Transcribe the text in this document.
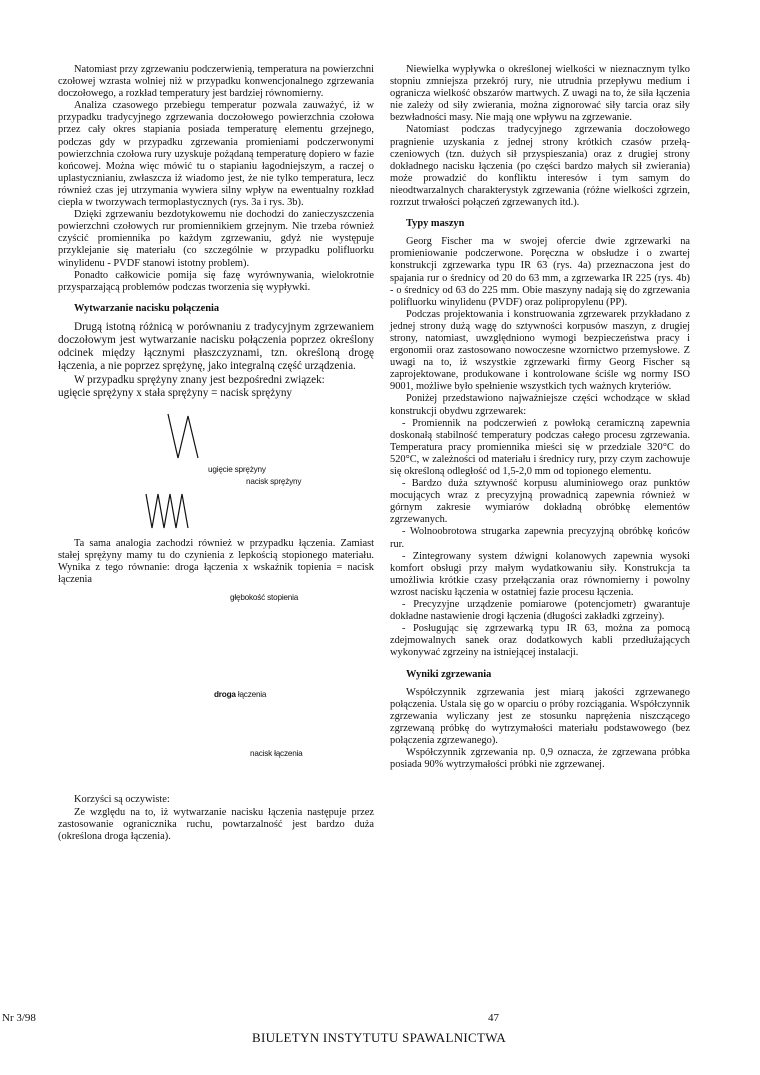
Natomiast przy zgrzewaniu podczerwienią, temperatura na powierzchni czołowej wzrasta wolniej niż w przypadku konwencjonalnego zgrzewania doczołowego, a rozkład temperatury jest bardziej równomierny.

Analiza czasowego przebiegu temperatur pozwala zauważyć, iż w przypadku tradycyjnego zgrzewania doczołowego powierzchnia czołowa przez cały okres stapiania posiada temperaturę elementu grzejnego, podczas gdy w przypadku zgrzewania promieniami podczerwonymi powierzchnia czołowa rury uzyskuje pożądaną temperaturę dopiero w fazie końcowej. Można więc mówić tu o stapianiu łagodniejszym, a raczej o uplastycznianiu, zwłaszcza iż wiadomo jest, że nie tylko temperatura, lecz również czas jej utrzymania wywiera silny wpływ na ewentualny rozkład ciepła w tworzywach termoplastycznych (rys. 3a i rys. 3b).

Dzięki zgrzewaniu bezdotykowemu nie dochodzi do zanieczyszczenia powierzchni czołowych rur promiennikiem grzejnym. Nie trzeba również czyścić promiennika po każdym zgrzewaniu, gdyż nie występuje przyklejanie się materiału (co szczególnie w przypadku polifluorku winylidenu - PVDF stanowi istotny problem).

Ponadto całkowicie pomija się fazę wyrównywania, wielokrotnie przysparzającą problemów podczas tworzenia się wypływki.

Wytwarzanie nacisku połączenia

Drugą istotną różnicą w porównaniu z tradycyjnym zgrzewaniem doczołowym jest wytwarzanie nacisku połączenia poprzez określony odcinek między łącznymi płaszczyznami, tzn. określoną drogę łączenia, a nie poprzez sprężynę, jako integralną część urządzenia.

W przypadku sprężyny znany jest bezpośredni związek:

ugięcie sprężyny x stała sprężyny = nacisk sprężyny

ugięcie sprężyny
nacisk sprężyny

Ta sama analogia zachodzi również w przypadku łączenia. Zamiast stałej sprężyny mamy tu do czynienia z lepkością stopionego materiału. Wynika z tego równanie: droga łączenia x wskaźnik topienia = nacisk łączenia

głębokość stopienia
droga łączenia
nacisk łączenia

Korzyści są oczywiste:

Ze względu na to, iż wytwarzanie nacisku łączenia następuje przez zastosowanie ogranicznika ruchu, powtarzalność jest bardzo duża (określona droga łączenia).

Niewielka wypływka o określonej wielkości w nieznacznym tylko stopniu zmniejsza przekrój rury, nie utrudnia przepływu medium i ogranicza wielkość obszarów martwych. Z uwagi na to, że siła łączenia nie zależy od siły zwierania, można zignorować siły tarcia oraz siły bezwładności masy. Nie mają one wpływu na zgrzewanie.

Natomiast podczas tradycyjnego zgrzewania doczołowego pragnienie uzyskania z jednej strony krótkich czasów przełą-czeniowych (tzn. dużych sił przyspieszania) oraz z drugiej strony dokładnego nacisku łączenia (po części bardzo małych sił zwierania) może prowadzić do konfliktu interesów i tym samym do nieodtwarzalnych charakterystyk zgrzewania (różne wielkości zgrzein, rozrzut trwałości połączeń zgrzewanych itd.).

Typy maszyn

Georg Fischer ma w swojej ofercie dwie zgrzewarki na promieniowanie podczerwone. Poręczna w obsłudze i o zwartej konstrukcji zgrzewarka typu IR 63 (rys. 4a) przeznaczona jest do spajania rur o średnicy od 20 do 63 mm, a zgrzewarka IR 225 (rys. 4b) - o średnicy od 63 do 225 mm. Obie maszyny nadają się do zgrzewania polifluorku winylidenu (PVDF) oraz polipropylenu (PP).

Podczas projektowania i konstruowania zgrzewarek przykładano z jednej strony dużą wagę do sztywności korpusów maszyn, z drugiej strony, natomiast, uwzględniono wymogi bezpieczeństwa pracy i ergonomii oraz zastosowano nowoczesne wzornictwo przemysłowe. Z uwagi na to, iż wszystkie zgrzewarki firmy Georg Fischer są zaprojektowane, produkowane i kontrolowane ściśle wg normy ISO 9001, możliwe było spełnienie wszystkich tych ważnych kryteriów.

Poniżej przedstawiono najważniejsze części wchodzące w skład konstrukcji obydwu zgrzewarek:

- Promiennik na podczerwień z powłoką ceramiczną zapewnia doskonałą stabilność temperatury podczas całego procesu zgrzewania. Temperatura pracy promiennika mieści się w przedziale 320°C do 520°C, w zależności od materiału i średnicy rury, przy czym zachowuje się określoną odległość od 1,5-2,0 mm od topionego elementu.

- Bardzo duża sztywność korpusu aluminiowego oraz punktów mocujących wraz z precyzyjną prowadnicą zapewnia również w górnym zakresie wymiarów dokładną obróbkę elementów zgrzewanych.

- Wolnoobrotowa strugarka zapewnia precyzyjną obróbkę końców rur.

- Zintegrowany system dźwigni kolanowych zapewnia wysoki komfort obsługi przy małym wydatkowaniu siły. Konstrukcja ta umożliwia krótkie czasy przełączania oraz równomierny i powolny wzrost nacisku łączenia w ostatniej fazie procesu łączenia.

- Precyzyjne urządzenie pomiarowe (potencjometr) gwarantuje dokładne nastawienie drogi łączenia (długości zakładki zgrzeiny).

- Posługując się zgrzewarką typu IR 63, można za pomocą zdejmowalnych sanek oraz dodatkowych kabli przedłużających wykonywać zgrzeiny na istniejącej instalacji.

Wyniki zgrzewania

Współczynnik zgrzewania jest miarą jakości zgrzewanego połączenia. Ustala się go w oparciu o próby rozciągania. Współczynnik zgrzewania wyliczany jest ze stosunku naprężenia niszczącego zgrzewaną próbkę do wytrzymałości materiału podstawowego (bez połączenia zgrzewanego).

Współczynnik zgrzewania np. 0,9 oznacza, że zgrzewana próbka posiada 90% wytrzymałości próbki nie zgrzewanej.

Nr 3/98	47
BIULETYN INSTYTUTU SPAWALNICTWA
